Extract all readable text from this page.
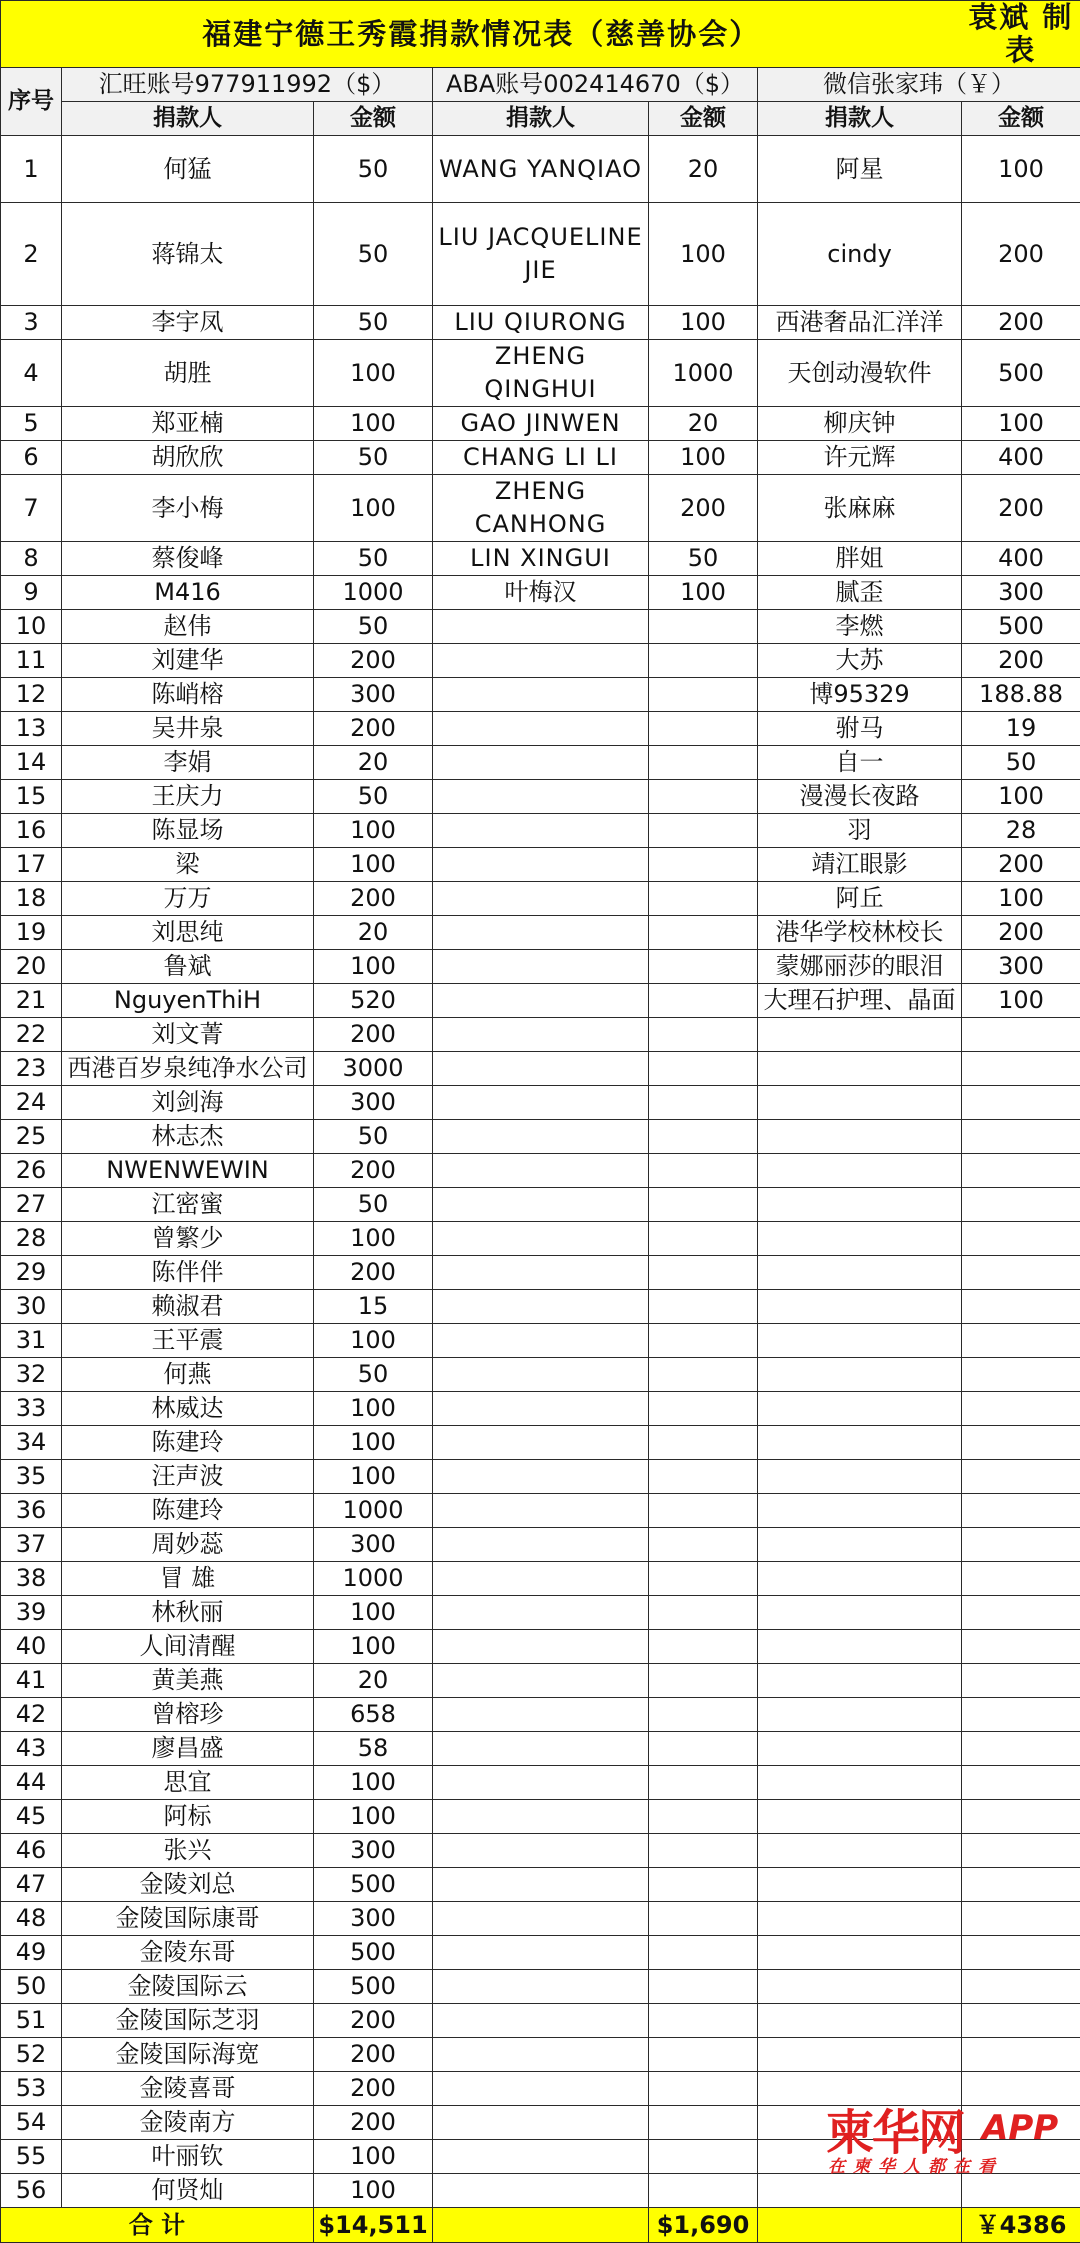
福建宁德王秀霞捐款情况表（慈善协会）						袁斌 制表
序号	汇旺账号977911992（$）		ABA账号002414670（$）		微信张家玮（￥）	
	捐款人	金额	捐款人	金额	捐款人	金额
1	何猛	50	WANG YANQIAO	20	阿星	100
2	蒋锦太	50	LIU JACQUELINE JIE	100	cindy	200
3	李宇凤	50	LIU QIURONG	100	西港奢品汇洋洋	200
4	胡胜	100	ZHENG QINGHUI	1000	天创动漫软件	500
5	郑亚楠	100	GAO JINWEN	20	柳庆钟	100
6	胡欣欣	50	CHANG LI LI	100	许元辉	400
7	李小梅	100	ZHENG CANHONG	200	张麻麻	200
8	蔡俊峰	50	LIN XINGUI	50	胖姐	400
9	M416	1000	叶梅汉	100	腻歪	300
10	赵伟	50			李燃	500
11	刘建华	200			大苏	200
12	陈峭榕	300			博95329	188.88
13	吴井泉	200			驸马	19
14	李娟	20			自一	50
15	王庆力	50			漫漫长夜路	100
16	陈显场	100			羽	28
17	梁	100			靖江眼影	200
18	万万	200			阿丘	100
19	刘思纯	20			港华学校林校长	200
20	鲁斌	100			蒙娜丽莎的眼泪	300
21	NguyenThiH	520			大理石护理、晶面	100
22	刘文菁	200				
23	西港百岁泉纯净水公司	3000				
24	刘剑海	300				
25	林志杰	50				
26	NWENWEWIN	200				
27	江密蜜	50				
28	曾繁少	100				
29	陈伴伴	200				
30	赖淑君	15				
31	王平震	100				
32	何燕	50				
33	林威达	100				
34	陈建玲	100				
35	汪声波	100				
36	陈建玲	1000				
37	周妙蕊	300				
38	冒 雄	1000				
39	林秋丽	100				
40	人间清醒	100				
41	黄美燕	20				
42	曾榕珍	658				
43	廖昌盛	58				
44	思宜	100				
45	阿标	100				
46	张兴	300				
47	金陵刘总	500				
48	金陵国际康哥	300				
49	金陵东哥	500				
50	金陵国际云	500				
51	金陵国际芝羽	200				
52	金陵国际海宽	200				
53	金陵喜哥	200				
54	金陵南方	200				
55	叶丽钦	100				
56	何贤灿	100				
合 计		$14,511		$1,690		￥4386
柬华网 APP
在柬华人都在看
